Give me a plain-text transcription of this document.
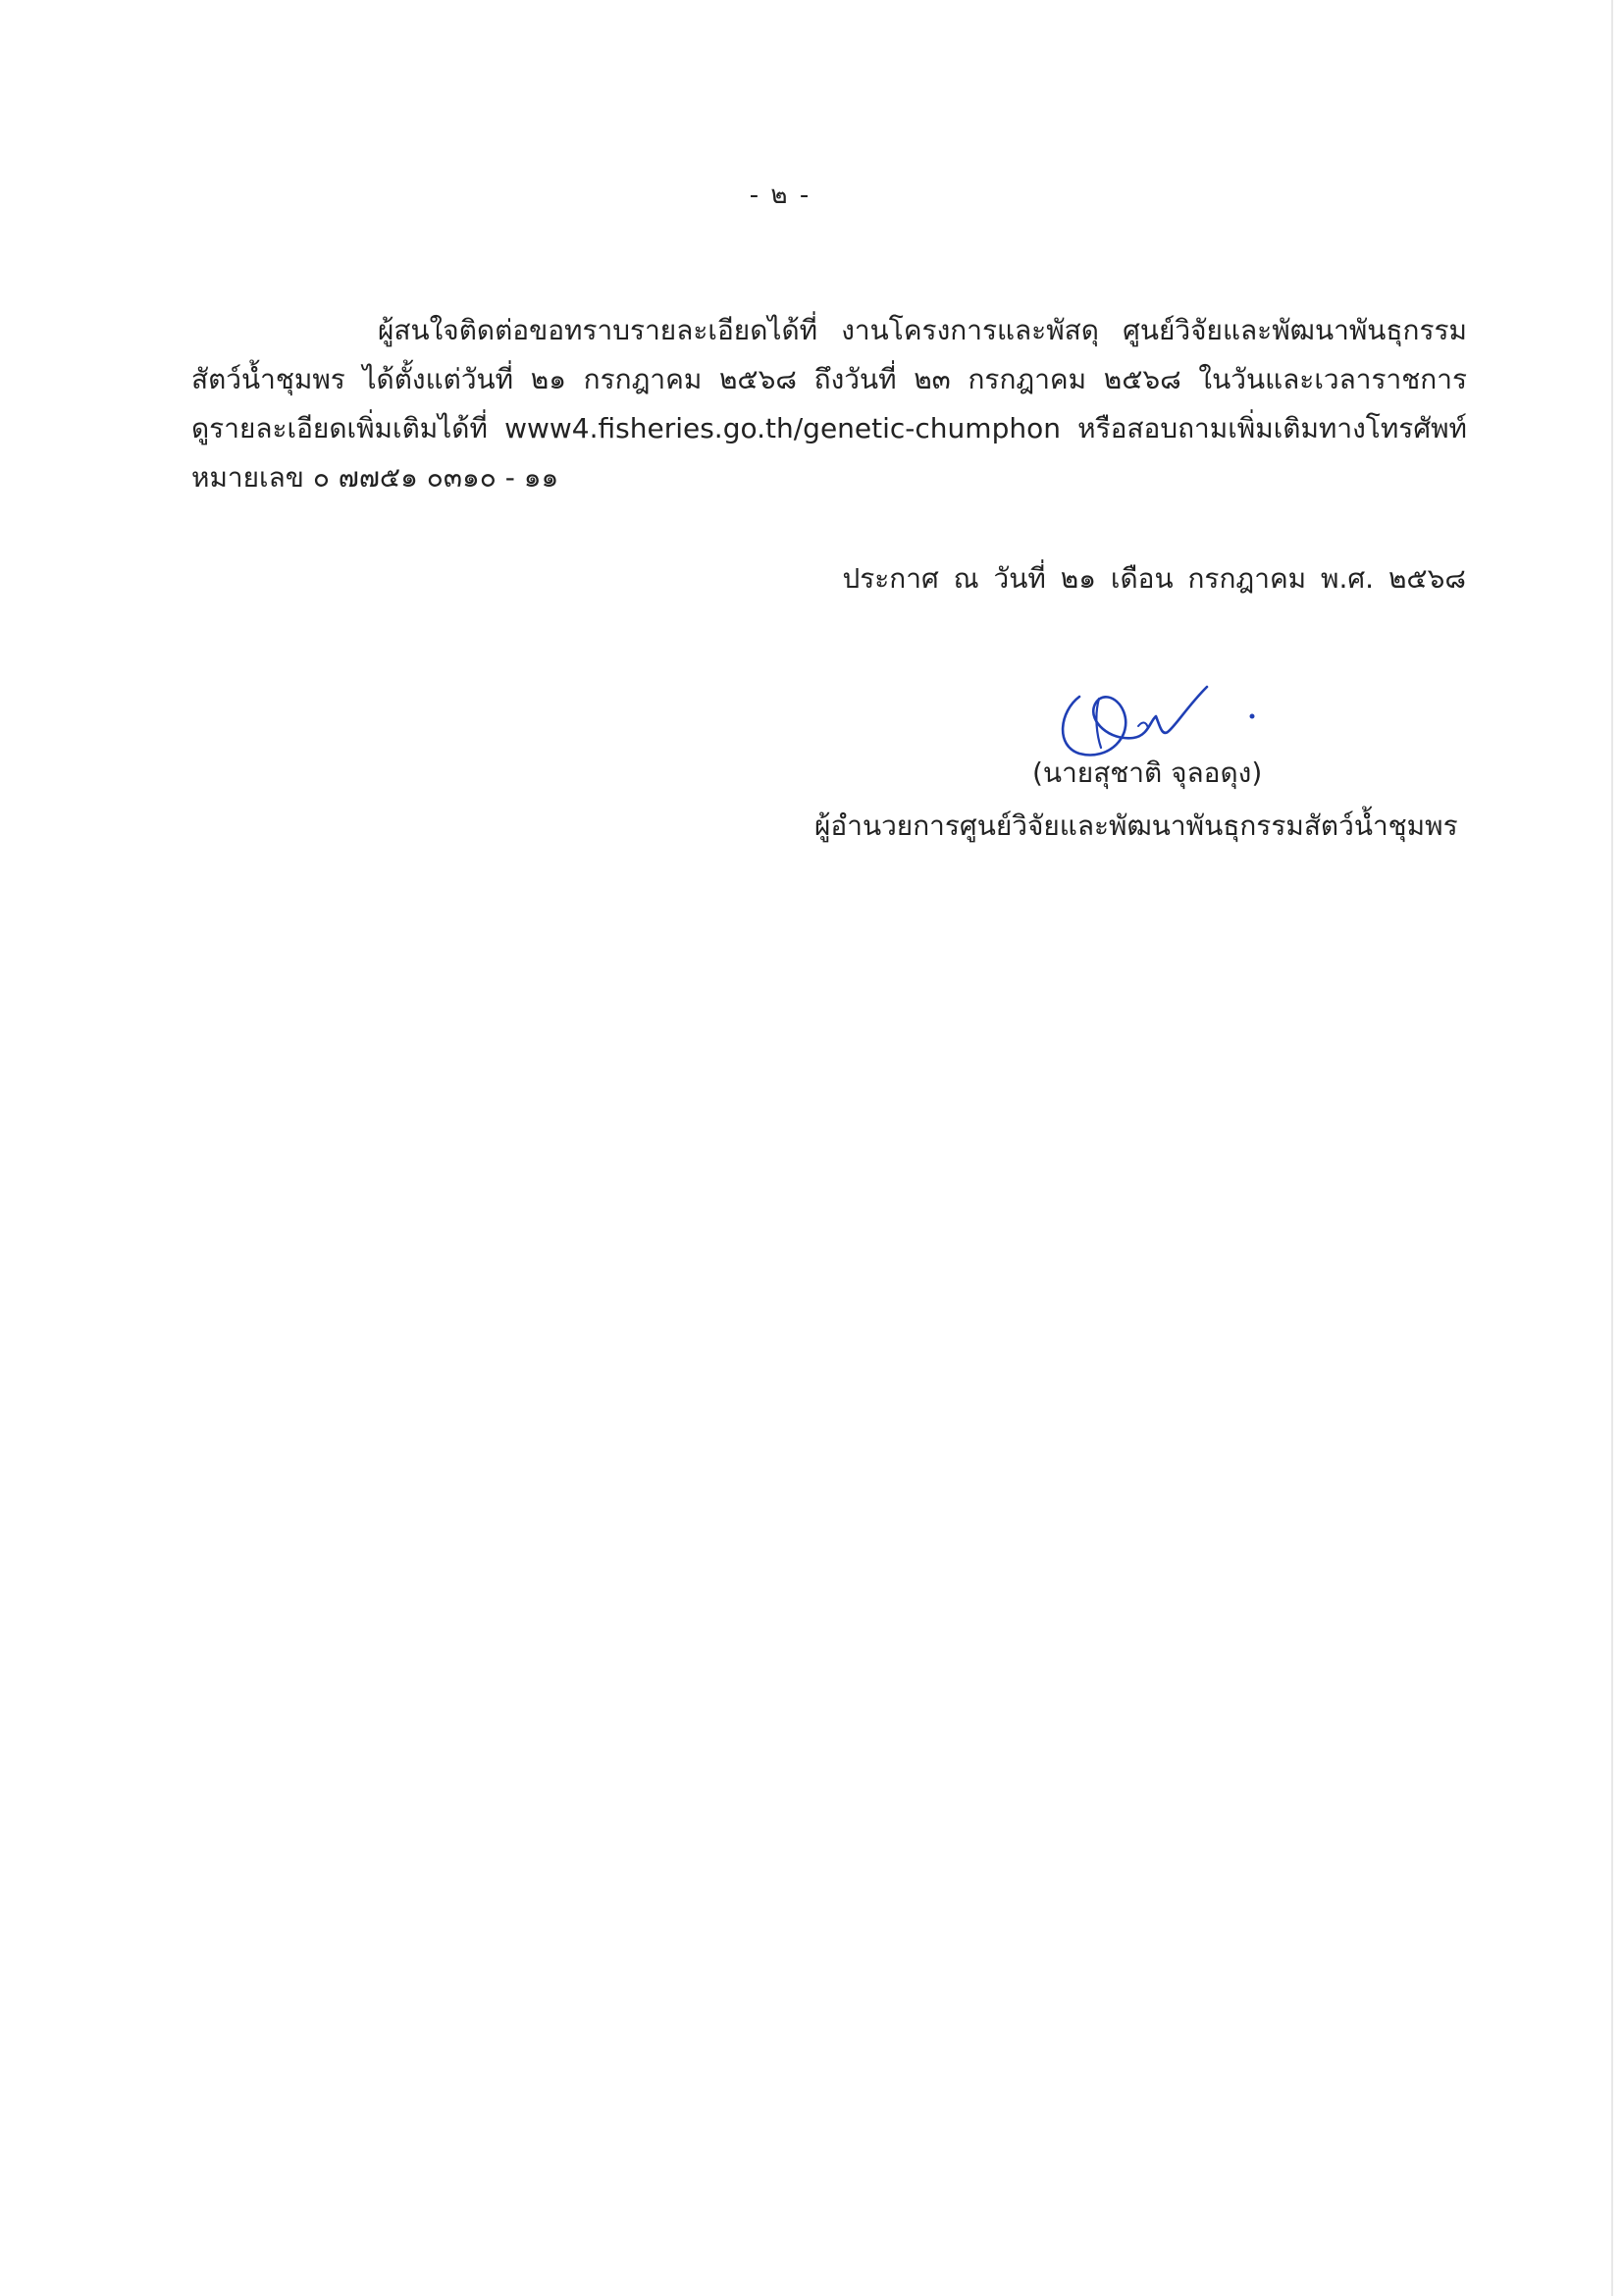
- ๒ -
ผู้สนใจติดต่อขอทราบรายละเอียดได้ที่ งานโครงการและพัสดุ ศูนย์วิจัยและพัฒนาพันธุกรรม
สัตว์น้ำชุมพร ได้ตั้งแต่วันที่ ๒๑ กรกฎาคม ๒๕๖๘ ถึงวันที่ ๒๓ กรกฎาคม ๒๕๖๘ ในวันและเวลาราชการ
ดูรายละเอียดเพิ่มเติมได้ที่ www4.fisheries.go.th/genetic-chumphon หรือสอบถามเพิ่มเติมทางโทรศัพท์
หมายเลข ๐ ๗๗๕๑ ๐๓๑๐ - ๑๑
ประกาศ ณ วันที่ ๒๑ เดือน กรกฎาคม พ.ศ. ๒๕๖๘
(นายสุชาติ จุลอดุง)
ผู้อำนวยการศูนย์วิจัยและพัฒนาพันธุกรรมสัตว์น้ำชุมพร
